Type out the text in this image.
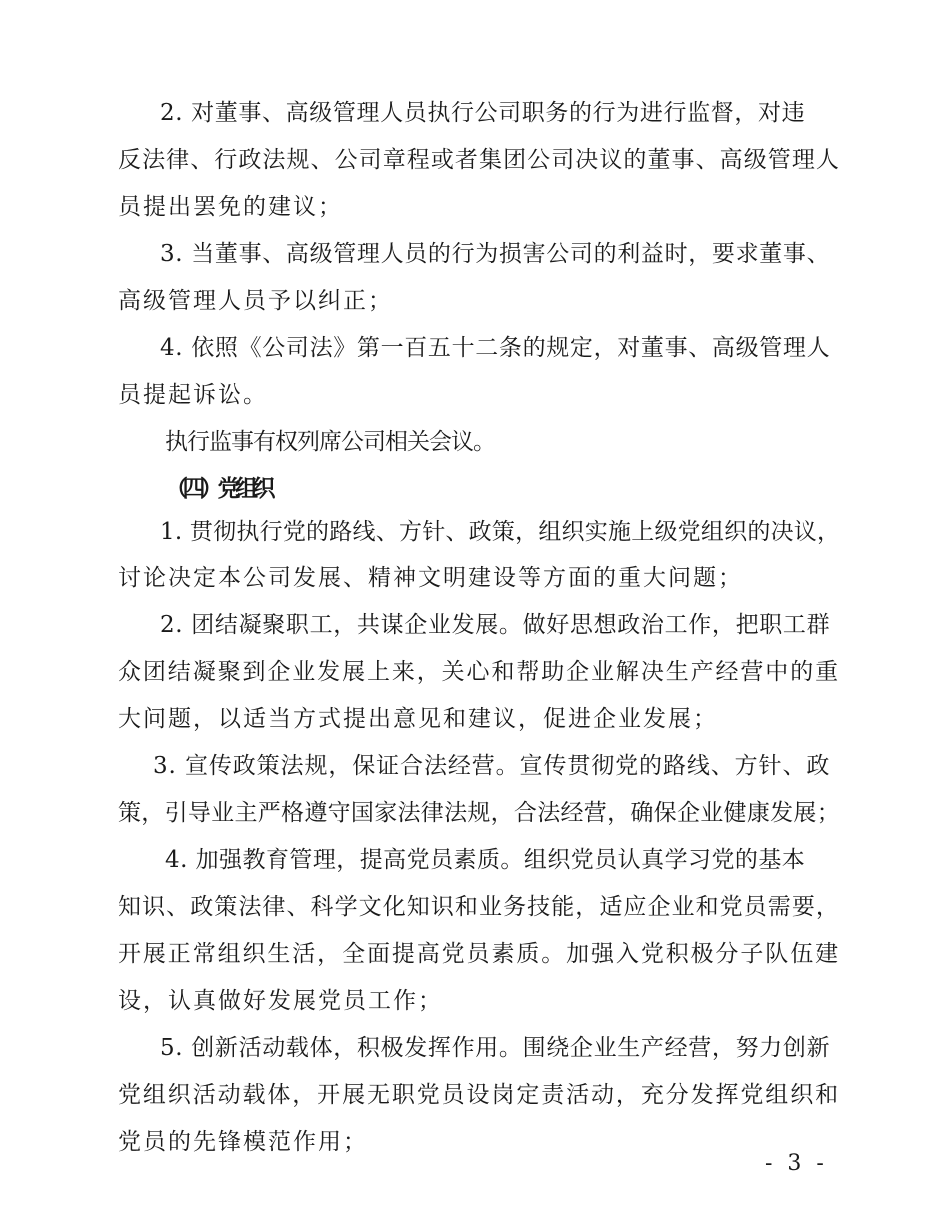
2. 对董事、高级管理人员执行公司职务的行为进行监督，对违
反法律、行政法规、公司章程或者集团公司决议的董事、高级管理人
员提出罢免的建议；
3. 当董事、高级管理人员的行为损害公司的利益时，要求董事、
高级管理人员予以纠正；
4. 依照《公司法》第一百五十二条的规定，对董事、高级管理人
员提起诉讼。
执行监事有权列席公司相关会议。
（四）党组织
1. 贯彻执行党的路线、方针、政策，组织实施上级党组织的决议，
讨论决定本公司发展、精神文明建设等方面的重大问题；
2. 团结凝聚职工，共谋企业发展。做好思想政治工作，把职工群
众团结凝聚到企业发展上来，关心和帮助企业解决生产经营中的重
大问题，以适当方式提出意见和建议，促进企业发展；
3. 宣传政策法规，保证合法经营。宣传贯彻党的路线、方针、政
策，引导业主严格遵守国家法律法规，合法经营，确保企业健康发展；
4. 加强教育管理，提高党员素质。组织党员认真学习党的基本
知识、政策法律、科学文化知识和业务技能，适应企业和党员需要，
开展正常组织生活，全面提高党员素质。加强入党积极分子队伍建
设，认真做好发展党员工作；
5. 创新活动载体，积极发挥作用。围绕企业生产经营，努力创新
党组织活动载体，开展无职党员设岗定责活动，充分发挥党组织和
党员的先锋模范作用；
- 3 -
